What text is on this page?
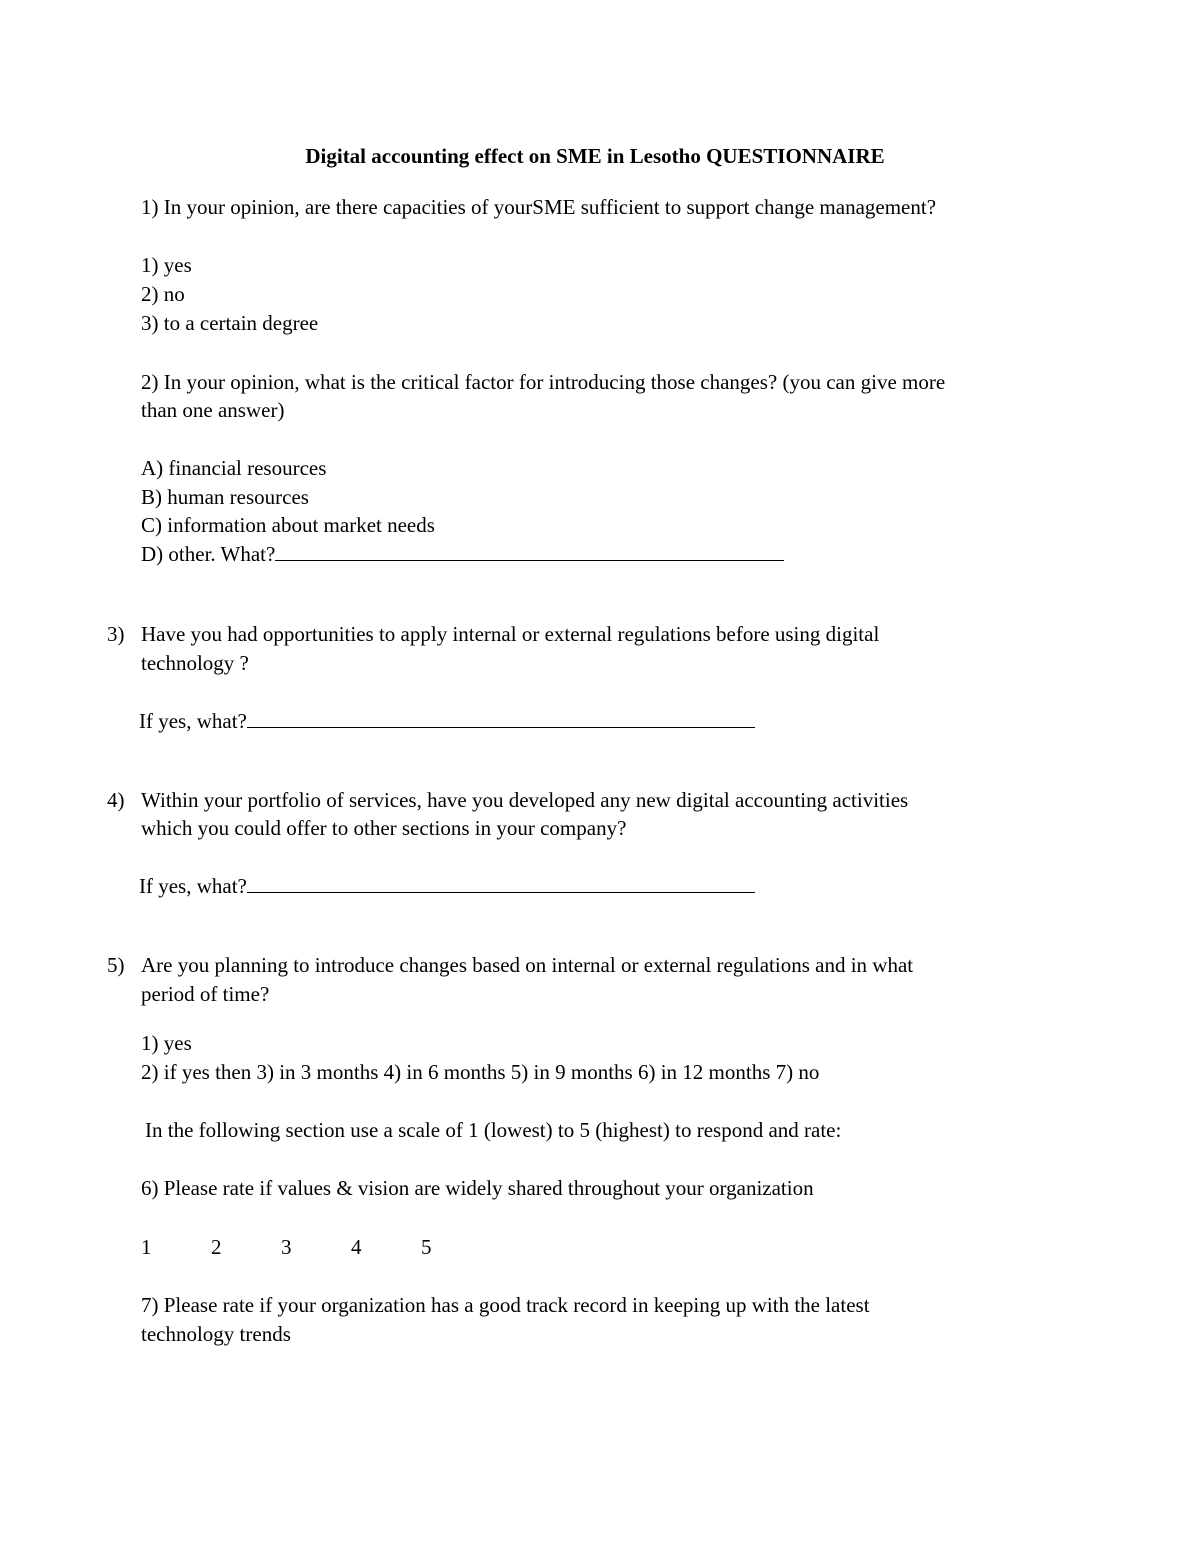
Digital accounting effect on SME in Lesotho QUESTIONNAIRE
1) In your opinion, are there capacities of yourSME sufficient to support change management?
1) yes
2) no
3) to a certain degree
2) In your opinion, what is the critical factor for introducing those changes? (you can give more
than one answer)
A) financial resources
B) human resources
C) information about market needs
D) other. What?
3) Have you had opportunities to apply internal or external regulations before using digital
technology ?
If yes, what?
4) Within your portfolio of services, have you developed any new digital accounting activities
which you could offer to other sections in your company?
If yes, what?
5) Are you planning to introduce changes based on internal or external regulations and in what
period of time?
1) yes
2) if yes then 3) in 3 months 4) in 6 months 5) in 9 months 6) in 12 months 7) no
In the following section use a scale of 1 (lowest) to 5 (highest) to respond and rate:
6) Please rate if values & vision are widely shared throughout your organization
1	2	3	4	5
7) Please rate if your organization has a good track record in keeping up with the latest
technology trends
